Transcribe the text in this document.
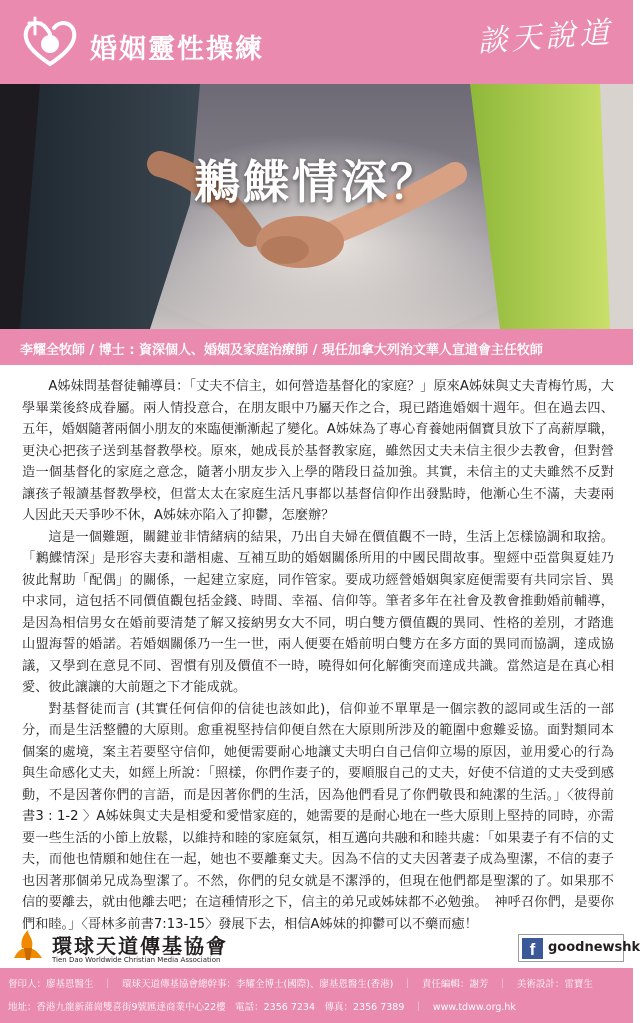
婚姻靈性操練	談天說道
鶼鰈情深？
李耀全牧師 / 博士 : 資深個人、婚姻及家庭治療師 / 現任加拿大列治文華人宣道會主任牧師

A姊妹問基督徒輔導員：「丈夫不信主，如何營造基督化的家庭？」原來A姊妹與丈夫青梅竹馬，大學畢業後終成眷屬。兩人情投意合，在朋友眼中乃屬天作之合，現已踏進婚姻十週年。但在過去四、五年，婚姻隨著兩個小朋友的來臨便漸漸起了變化。A姊妹為了專心育養她兩個寶貝放下了高薪厚職，更決心把孩子送到基督教學校。原來，她成長於基督教家庭，雖然因丈夫未信主很少去教會，但對營造一個基督化的家庭之意念，隨著小朋友步入上學的階段日益加強。其實，未信主的丈夫雖然不反對讓孩子報讀基督教學校，但當太太在家庭生活凡事都以基督信仰作出發點時，他漸心生不滿，夫妻兩人因此天天爭吵不休，A姊妹亦陷入了抑鬱，怎麼辦？

這是一個難題，關鍵並非情緒病的結果，乃出自夫婦在價值觀不一時，生活上怎樣協調和取捨。「鶼鰈情深」是形容夫妻和諧相處、互補互助的婚姻關係所用的中國民間故事。聖經中亞當與夏娃乃彼此幫助「配偶」的關係，一起建立家庭，同作管家。要成功經營婚姻與家庭便需要有共同宗旨、異中求同，這包括不同價值觀包括金錢、時間、幸福、信仰等。筆者多年在社會及教會推動婚前輔導，是因為相信男女在婚前要清楚了解又接納男女大不同，明白雙方價值觀的異同、性格的差別，才踏進山盟海誓的婚諾。若婚姻關係乃一生一世，兩人便要在婚前明白雙方在多方面的異同而協調，達成協議，又學到在意見不同、習慣有別及價值不一時，曉得如何化解衝突而達成共識。當然這是在真心相愛、彼此讓讓的大前題之下才能成就。

對基督徒而言 (其實任何信仰的信徒也該如此)，信仰並不單單是一個宗教的認同或生活的一部分，而是生活整體的大原則。愈重視堅持信仰便自然在大原則所涉及的範圍中愈難妥協。面對類同本個案的處境，案主若要堅守信仰，她便需要耐心地讓丈夫明白自己信仰立場的原因，並用愛心的行為與生命感化丈夫，如經上所說：「照樣，你們作妻子的，要順服自己的丈夫，好使不信道的丈夫受到感動，不是因著你們的言語，而是因著你們的生活，因為他們看見了你們敬畏和純潔的生活。」〈彼得前書3 : 1-2 〉A姊妹與丈夫是相愛和愛惜家庭的，她需要的是耐心地在一些大原則上堅持的同時，亦需要一些生活的小節上放鬆，以維持和睦的家庭氣氛，相互邁向共融和和睦共處：「如果妻子有不信的丈夫，而他也情願和她住在一起，她也不要離棄丈夫。因為不信的丈夫因著妻子成為聖潔，不信的妻子也因著那個弟兄成為聖潔了。不然，你們的兒女就是不潔淨的，但現在他們都是聖潔的了。如果那不信的要離去，就由他離去吧；在這種情形之下，信主的弟兄或姊妹都不必勉強。　神呼召你們，是要你們和睦。」〈哥林多前書7:13-15〉發展下去，相信A姊妹的抑鬱可以不藥而癒！

環球天道傳基協會
Tien Dao Worldwide Christian Media Association
f goodnewshk
督印人：廖基恩醫生　｜　環球天道傳基協會總幹事：李耀全博士(國際)、廖基恩醫生(香港)　｜　責任編輯：謝芳　｜　美術設計：雷寶生
地址：香港九龍新蒲崗雙喜街9號匯達商業中心22樓　電話：2356 7234　傳真：2356 7389　｜　www.tdww.org.hk
